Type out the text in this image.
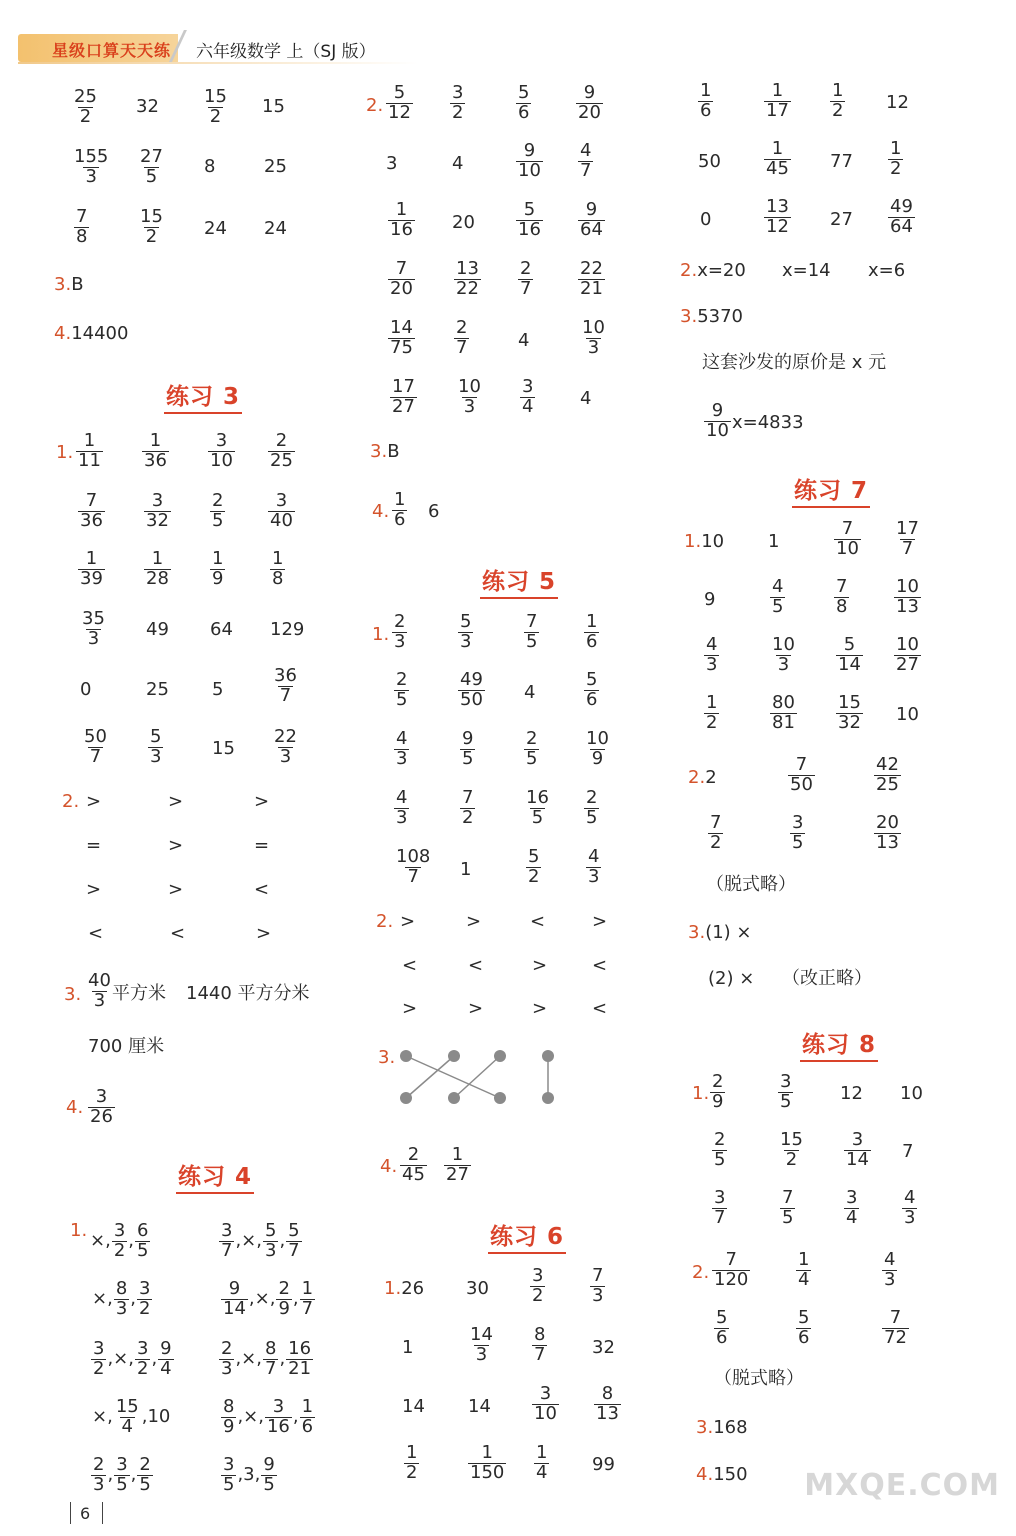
星级口算天天练 六年级数学 上（SJ 版）
$\frac{25}{2} 32 \frac{15}{2} 15$
$\frac{155}{3} \frac{27}{5} 8$	25
$\frac{7}{8}$	$\frac{15}{2} 24$ 24
3.B
4.14400
练习 3
1. $\frac{1}{11} \frac{1}{36} \frac{3}{10} \frac{2}{25}$
$\frac{7}{36} \frac{3}{32} \frac{2}{5} \frac{3}{40}$
$\frac{1}{39} \frac{1}{28} \frac{1}{9} \frac{1}{8}$
$\frac{35}{3} 49$ 64 129
0	25 5	$\frac{36}{7}$
$\frac{50}{7} \frac{5}{3}$	$15 \frac{22}{3}$
2. >	>	>
=	>	=
>	>	<
<	<	>
3. $\frac{40}{3}$ 平方米 1440 平方分米
700 厘米
4. $\frac{3}{26}$
练习 4
1. ×, $\frac{3}{2}$ , $\frac{6}{5}$	$\frac{3}{7}$ ,×, $\frac{5}{3}$ , $\frac{5}{7}$
×, $\frac{8}{3}$ , $\frac{3}{2}$	$\frac{9}{14}$ ,×, $\frac{2}{9}$ , $\frac{1}{7}$
$\frac{3}{2}$ ,×, $\frac{3}{2}$ , $\frac{9}{4}$	$\frac{2}{3}$ ,×, $\frac{8}{7}$ , $\frac{16}{21}$
×, $\frac{15}{4} ,10$	$\frac{8}{9}$ ,×, $\frac{3}{16}$ , $\frac{1}{6}$
$\frac{2}{3}$ , $\frac{3}{5}$ , $\frac{2}{5}$	$\frac{3}{5} ,3$, $\frac{9}{5}$
2. $\frac{5}{12} \frac{3}{2}$	$\frac{5}{6} \frac{9}{20}$
3	4	$\frac{9}{10} \frac{4}{7}$
$\frac{1}{16} 20 \frac{5}{16} \frac{9}{64}$
$\frac{7}{20} \frac{13}{22} \frac{2}{7} \frac{22}{21}$
$\frac{14}{75} \frac{2}{7}$	4	$\frac{10}{3}$
$\frac{17}{27} \frac{10}{3} \frac{3}{4} 4$
3.B
4. $\frac{1}{6} 6$
练习 5
1. $\frac{2}{3}$	$\frac{5}{3}$	$\frac{7}{5} \frac{1}{6}$
$\frac{2}{5}$	$\frac{49}{50} 4$	$\frac{5}{6}$
$\frac{4}{3}$	$\frac{9}{5}$	$\frac{2}{5} \frac{10}{9}$
$\frac{4}{3}$	$\frac{7}{2}$	$\frac{16}{5} \frac{2}{5}$
$\frac{108}{7} 1$	$\frac{5}{2} \frac{4}{3}$
2. >	>	<	>
<	<	> <
>	>	> <
3.
4. $\frac{2}{45} \frac{1}{27}$
练习 6
1.26 $30 \frac{3}{2} \frac{7}{3}$
1	$\frac{14}{3} \frac{8}{7} 32$
14 $14 \frac{3}{10} \frac{8}{13}$
$\frac{1}{2}$	$\frac{1}{150} \frac{1}{4} 99$
$\frac{1}{6}$	$\frac{1}{17} \frac{1}{2} 12$
$50 \frac{1}{45} 77 \frac{1}{2}$
0	$\frac{13}{12} 27 \frac{49}{64}$
2.x=20 x=14 x=6
3.5370
这套沙发的原价是 x 元
$\frac{9}{10} x=4833$
练习 7
1.10 1	$\frac{7}{10} \frac{17}{7}$
9	$\frac{4}{5}$	$\frac{7}{8} \frac{10}{13}$
$\frac{4}{3}$	$\frac{10}{3} \frac{5}{14} \frac{10}{27}$
$\frac{1}{2}$	$\frac{80}{81} \frac{15}{32} 10$
2.2	$\frac{7}{50}$	$\frac{42}{25}$
$\frac{7}{2}$	$\frac{3}{5}$	$\frac{20}{13}$
（脱式略）
3.(1) ×
(2) × （改正略）
练习 8
1. $\frac{2}{9}$	$\frac{3}{5}$	12 10
$\frac{2}{5}$	$\frac{15}{2} \frac{3}{14} 7$
$\frac{3}{7}$	$\frac{7}{5}$	$\frac{3}{4} \frac{4}{3}$
2. $\frac{7}{120}$	$\frac{1}{4}$	$\frac{4}{3}$
$\frac{5}{6}$	$\frac{5}{6}$	$\frac{7}{72}$
（脱式略）
3.168
4.150
6
MXQE.COM
